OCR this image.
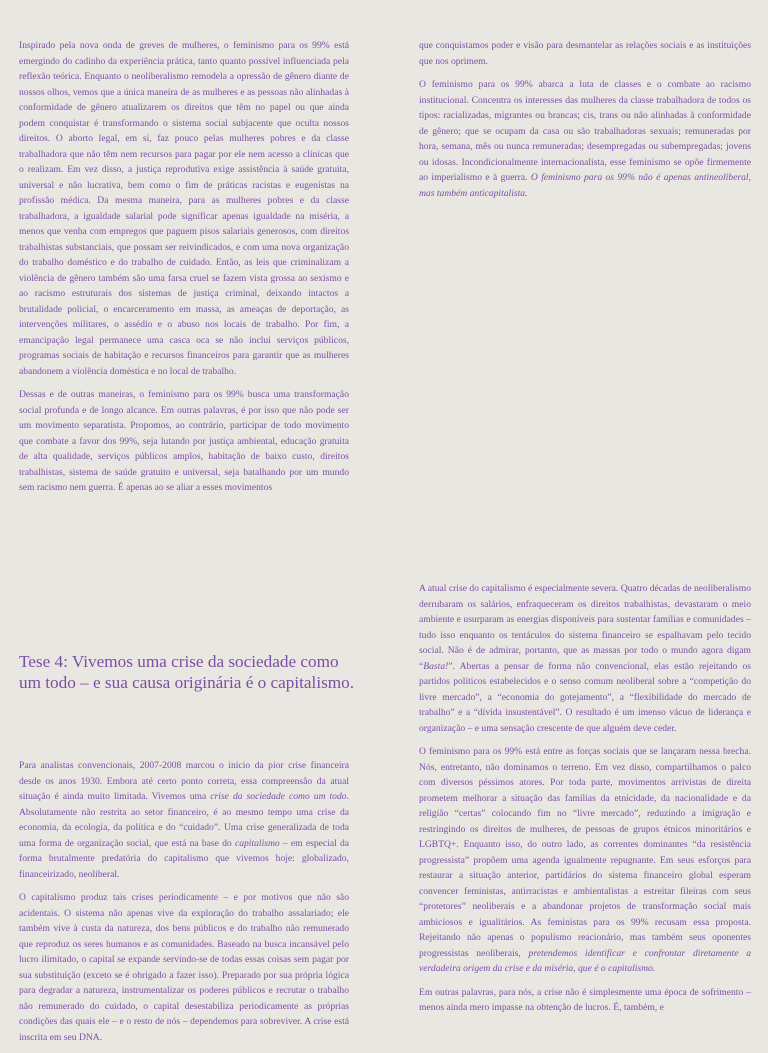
Inspirado pela nova onda de greves de mulheres, o feminismo para os 99% está emergindo do cadinho da experiência prática, tanto quanto possível influenciada pela reflexão teórica. Enquanto o neoliberalismo remodela a opressão de gênero diante de nossos olhos, vemos que a única maneira de as mulheres e as pessoas não alinhadas à conformidade de gênero atualizarem os direitos que têm no papel ou que ainda podem conquistar é transformando o sistema social subjacente que oculta nossos direitos. O aborto legal, em si, faz pouco pelas mulheres pobres e da classe trabalhadora que não têm nem recursos para pagar por ele nem acesso a clínicas que o realizam. Em vez disso, a justiça reprodutiva exige assistência à saúde gratuita, universal e não lucrativa, bem como o fim de práticas racistas e eugenistas na profissão médica. Da mesma maneira, para as mulheres pobres e da classe trabalhadora, a igualdade salarial pode significar apenas igualdade na miséria, a menos que venha com empregos que paguem pisos salariais generosos, com direitos trabalhistas substanciais, que possam ser reivindicados, e com uma nova organização do trabalho doméstico e do trabalho de cuidado. Então, as leis que criminalizam a violência de gênero também são uma farsa cruel se fazem vista grossa ao sexismo e ao racismo estruturais dos sistemas de justiça criminal, deixando intactos a brutalidade policial, o encarceramento em massa, as ameaças de deportação, as intervenções militares, o assédio e o abuso nos locais de trabalho. Por fim, a emancipação legal permanece uma casca oca se não inclui serviços públicos, programas sociais de habitação e recursos financeiros para garantir que as mulheres abandonem a violência doméstica e no local de trabalho.

Dessas e de outras maneiras, o feminismo para os 99% busca uma transformação social profunda e de longo alcance. Em outras palavras, é por isso que não pode ser um movimento separatista. Propomos, ao contrário, participar de todo movimento que combate a favor dos 99%, seja lutando por justiça ambiental, educação gratuita de alta qualidade, serviços públicos amplos, habitação de baixo custo, direitos trabalhistas, sistema de saúde gratuito e universal, seja batalhando por um mundo sem racismo nem guerra. É apenas ao se aliar a esses movimentos

que conquistamos poder e visão para desmantelar as relações sociais e as instituições que nos oprimem.

O feminismo para os 99% abarca a luta de classes e o combate ao racismo institucional. Concentra os interesses das mulheres da classe trabalhadora de todos os tipos: racializadas, migrantes ou brancas; cis, trans ou não alinhadas à conformidade de gênero; que se ocupam da casa ou são trabalhadoras sexuais; remuneradas por hora, semana, mês ou nunca remuneradas; desempregadas ou subempregadas; jovens ou idosas. Incondicionalmente internacionalista, esse feminismo se opõe firmemente ao imperialismo e à guerra. O feminismo para os 99% não é apenas antineoliberal, mas também anticapitalista.

Tese 4: Vivemos uma crise da sociedade como um todo – e sua causa originária é o capitalismo.

Para analistas convencionais, 2007-2008 marcou o início da pior crise financeira desde os anos 1930. Embora até certo ponto correta, essa compreensão da atual situação é ainda muito limitada. Vivemos uma crise da sociedade como um todo. Absolutamente não restrita ao setor financeiro, é ao mesmo tempo uma crise da economia, da ecologia, da política e do “cuidado”. Uma crise generalizada de toda uma forma de organização social, que está na base do capitalismo – em especial da forma brutalmente predatória do capitalismo que vivemos hoje: globalizado, financeirizado, neoliberal.

O capitalismo produz tais crises periodicamente – e por motivos que não são acidentais. O sistema não apenas vive da exploração do trabalho assalariado; ele também vive à custa da natureza, dos bens públicos e do trabalho não remunerado que reproduz os seres humanos e as comunidades. Baseado na busca incansável pelo lucro ilimitado, o capital se expande servindo-se de todas essas coisas sem pagar por sua substituição (exceto se é obrigado a fazer isso). Preparado por sua própria lógica para degradar a natureza, instrumentalizar os poderes públicos e recrutar o trabalho não remunerado do cuidado, o capital desestabiliza periodicamente as próprias condições das quais ele – e o resto de nós – dependemos para sobreviver. A crise está inscrita em seu DNA.

A atual crise do capitalismo é especialmente severa. Quatro décadas de neoliberalismo derrubaram os salários, enfraqueceram os direitos trabalhistas, devastaram o meio ambiente e usurparam as energias disponíveis para sustentar famílias e comunidades – tudo isso enquanto os tentáculos do sistema financeiro se espalhavam pelo tecido social. Não é de admirar, portanto, que as massas por todo o mundo agora digam “Basta!”. Abertas a pensar de forma não convencional, elas estão rejeitando os partidos políticos estabelecidos e o senso comum neoliberal sobre a “competição do livre mercado”, a “economia do gotejamento”, a “flexibilidade do mercado de trabalho” e a “dívida insustentável”. O resultado é um imenso vácuo de liderança e organização – e uma sensação crescente de que alguém deve ceder.

O feminismo para os 99% está entre as forças sociais que se lançaram nessa brecha. Nós, entretanto, não dominamos o terreno. Em vez disso, compartilhamos o palco com diversos péssimos atores. Por toda parte, movimentos arrivistas de direita prometem melhorar a situação das famílias da etnicidade, da nacionalidade e da religião “certas” colocando fim no “livre mercado”, reduzindo a imigração e restringindo os direitos de mulheres, de pessoas de grupos étnicos minoritários e LGBTQ+. Enquanto isso, do outro lado, as correntes dominantes “da resistência progressista” propõem uma agenda igualmente repugnante. Em seus esforços para restaurar a situação anterior, partidários do sistema financeiro global esperam convencer feministas, antirracistas e ambientalistas a estreitar fileiras com seus “protetores” neoliberais e a abandonar projetos de transformação social mais ambiciosos e igualitários. As feministas para os 99% recusam essa proposta. Rejeitando não apenas o populismo reacionário, mas também seus oponentes progressistas neoliberais, pretendemos identificar e confrontar diretamente a verdadeira origem da crise e da miséria, que é o capitalismo.

Em outras palavras, para nós, a crise não é simplesmente uma época de sofrimento – menos ainda mero impasse na obtenção de lucros. É, também, e
